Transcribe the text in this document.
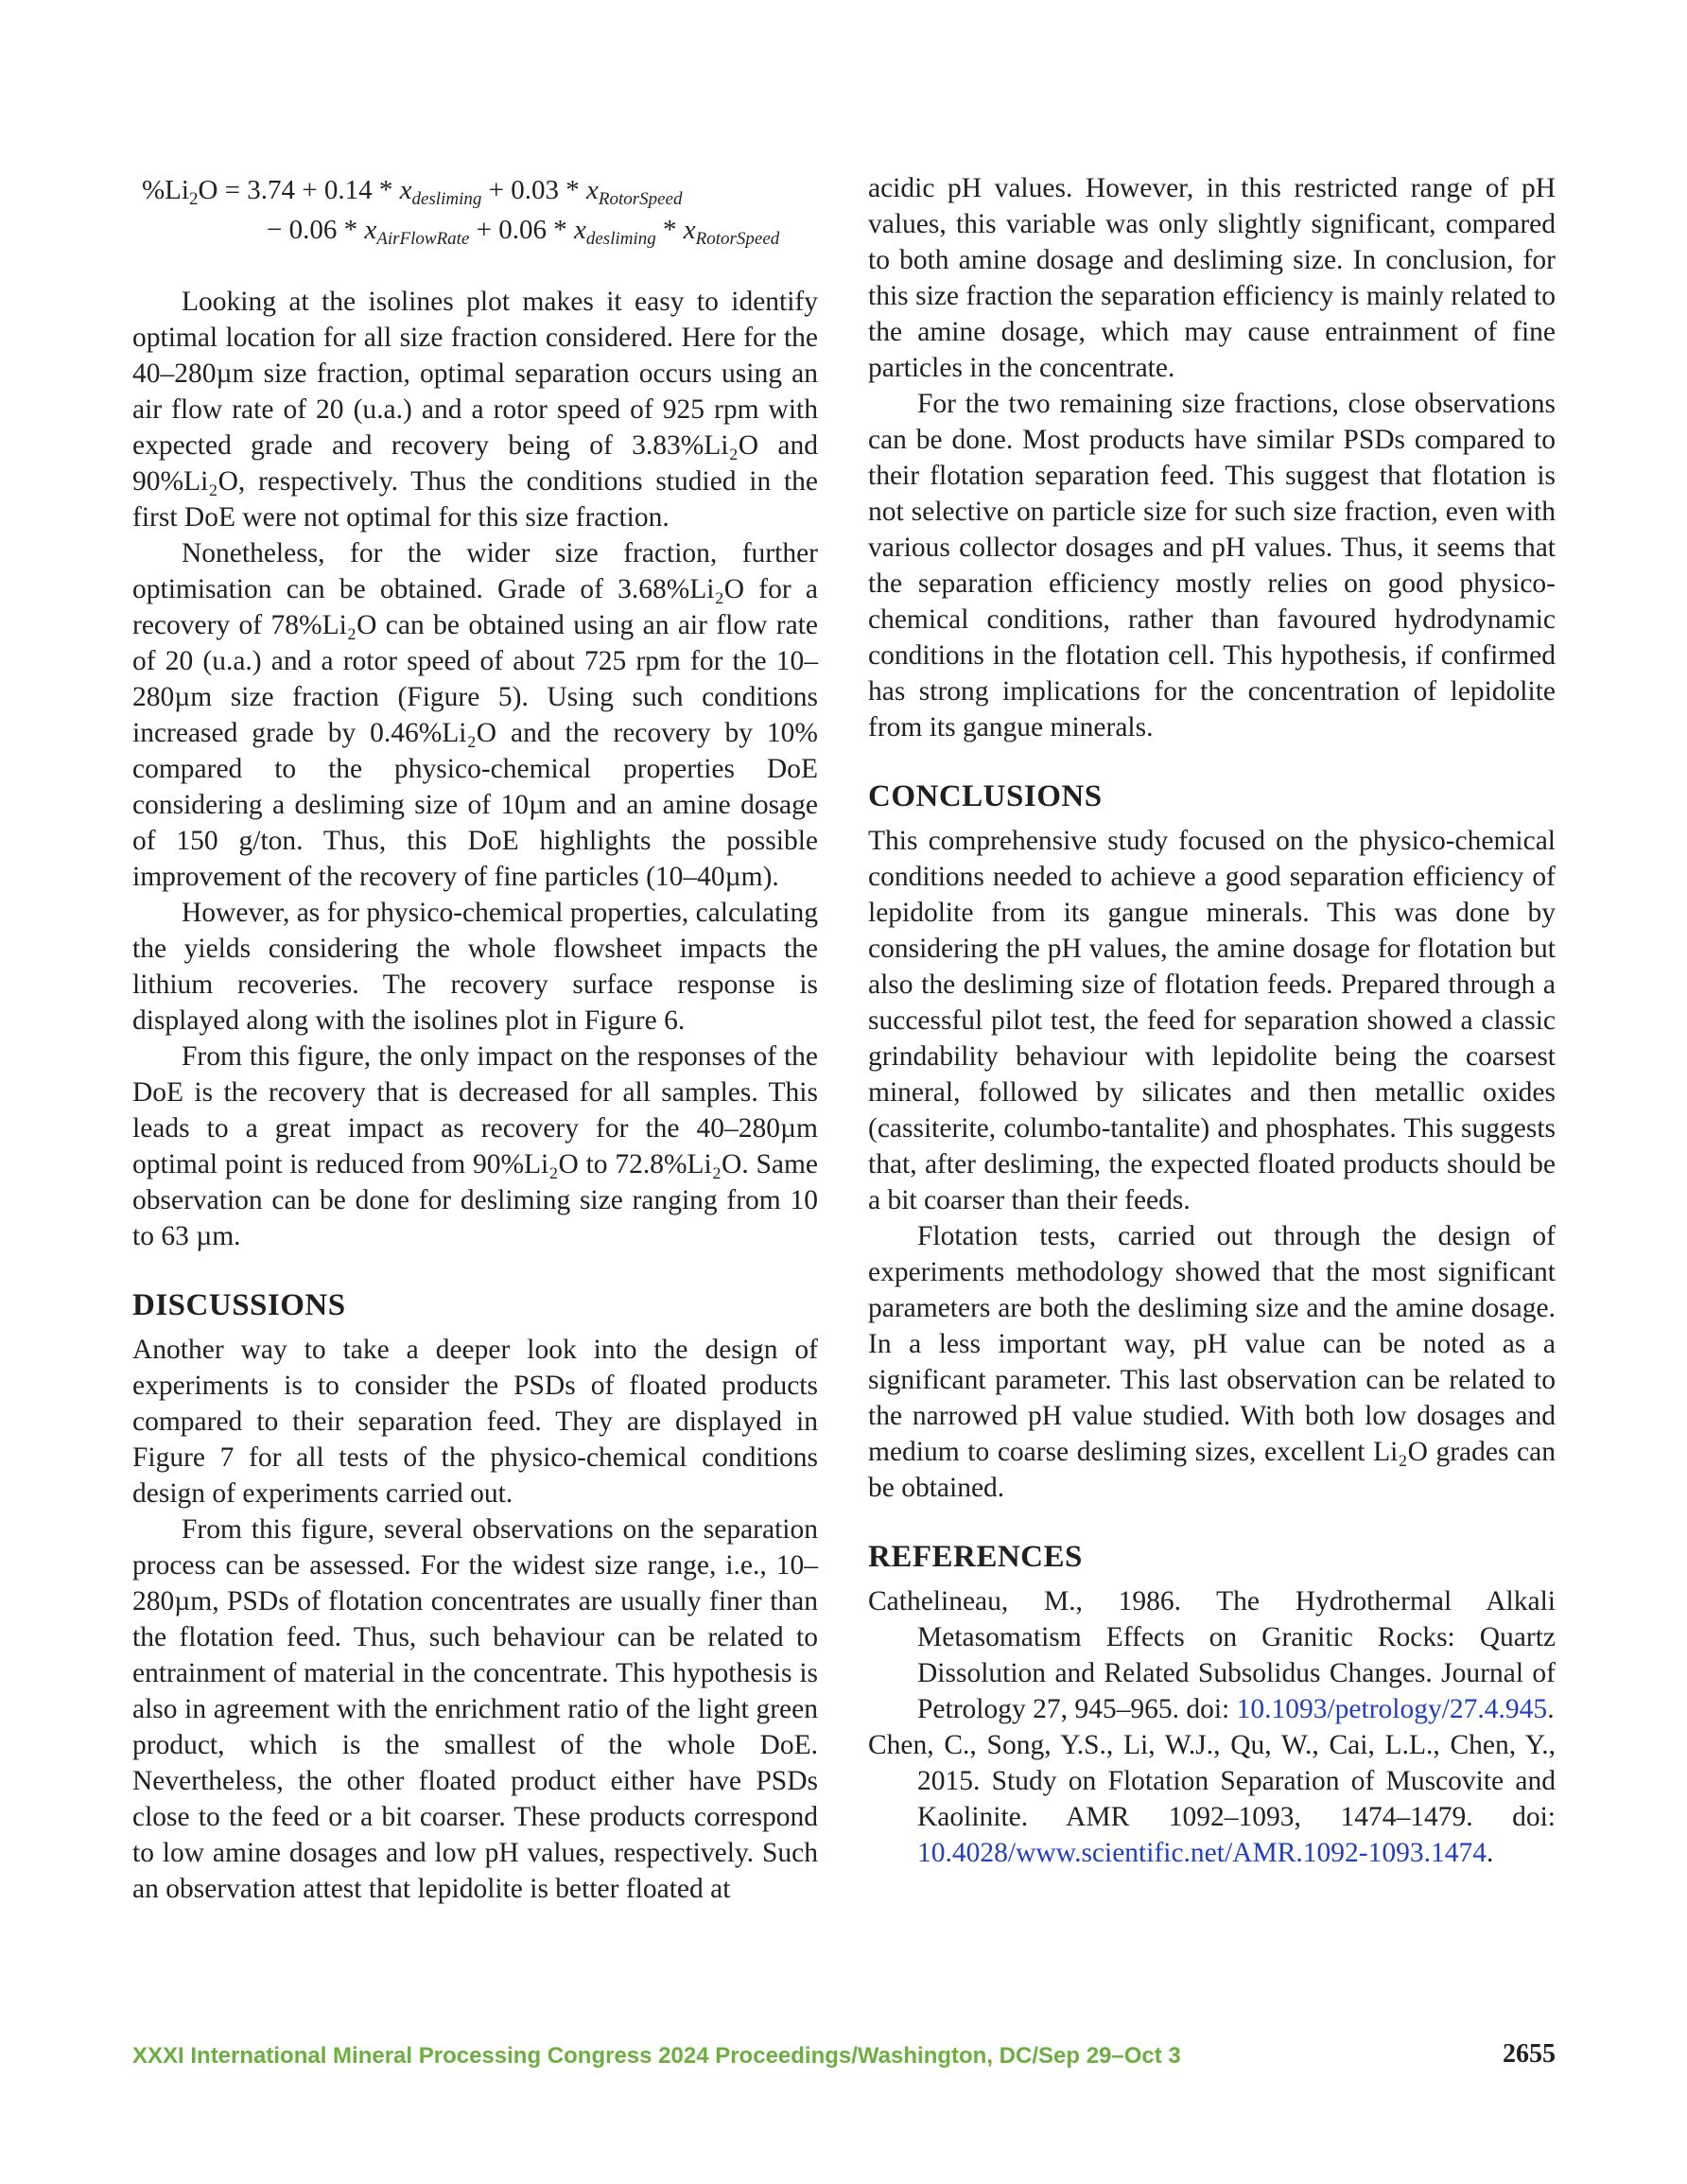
$\%Li_2O = 3.74 + 0.14 * x_{desliming} + 0.03 * x_{RotorSpeed}$
− $0.06 * x_{AirFlowRate} + 0.06 * x_{desliming} * x_{RotorSpeed}$

Looking at the isolines plot makes it easy to identify optimal location for all size fraction considered. Here for the 40–280µm size fraction, optimal separation occurs using an air flow rate of 20 (u.a.) and a rotor speed of 925 rpm with expected grade and recovery being of 3.83%Li₂O and 90%Li₂O, respectively. Thus the conditions studied in the first DoE were not optimal for this size fraction.

Nonetheless, for the wider size fraction, further optimisation can be obtained. Grade of 3.68%Li₂O for a recovery of 78%Li₂O can be obtained using an air flow rate of 20 (u.a.) and a rotor speed of about 725 rpm for the 10–280µm size fraction (Figure 5). Using such conditions increased grade by 0.46%Li₂O and the recovery by 10% compared to the physico-chemical properties DoE considering a desliming size of 10µm and an amine dosage of 150 g/ton. Thus, this DoE highlights the possible improvement of the recovery of fine particles (10–40µm).

However, as for physico-chemical properties, calculating the yields considering the whole flowsheet impacts the lithium recoveries. The recovery surface response is displayed along with the isolines plot in Figure 6.

From this figure, the only impact on the responses of the DoE is the recovery that is decreased for all samples. This leads to a great impact as recovery for the 40–280µm optimal point is reduced from 90%Li₂O to 72.8%Li₂O. Same observation can be done for desliming size ranging from 10 to 63 µm.

DISCUSSIONS

Another way to take a deeper look into the design of experiments is to consider the PSDs of floated products compared to their separation feed. They are displayed in Figure 7 for all tests of the physico-chemical conditions design of experiments carried out.

From this figure, several observations on the separation process can be assessed. For the widest size range, i.e., 10–280µm, PSDs of flotation concentrates are usually finer than the flotation feed. Thus, such behaviour can be related to entrainment of material in the concentrate. This hypothesis is also in agreement with the enrichment ratio of the light green product, which is the smallest of the whole DoE. Nevertheless, the other floated product either have PSDs close to the feed or a bit coarser. These products correspond to low amine dosages and low pH values, respectively. Such an observation attest that lepidolite is better floated at

acidic pH values. However, in this restricted range of pH values, this variable was only slightly significant, compared to both amine dosage and desliming size. In conclusion, for this size fraction the separation efficiency is mainly related to the amine dosage, which may cause entrainment of fine particles in the concentrate.

For the two remaining size fractions, close observations can be done. Most products have similar PSDs compared to their flotation separation feed. This suggest that flotation is not selective on particle size for such size fraction, even with various collector dosages and pH values. Thus, it seems that the separation efficiency mostly relies on good physico-chemical conditions, rather than favoured hydrodynamic conditions in the flotation cell. This hypothesis, if confirmed has strong implications for the concentration of lepidolite from its gangue minerals.

CONCLUSIONS

This comprehensive study focused on the physico-chemical conditions needed to achieve a good separation efficiency of lepidolite from its gangue minerals. This was done by considering the pH values, the amine dosage for flotation but also the desliming size of flotation feeds. Prepared through a successful pilot test, the feed for separation showed a classic grindability behaviour with lepidolite being the coarsest mineral, followed by silicates and then metallic oxides (cassiterite, columbo-tantalite) and phosphates. This suggests that, after desliming, the expected floated products should be a bit coarser than their feeds.

Flotation tests, carried out through the design of experiments methodology showed that the most significant parameters are both the desliming size and the amine dosage. In a less important way, pH value can be noted as a significant parameter. This last observation can be related to the narrowed pH value studied. With both low dosages and medium to coarse desliming sizes, excellent Li₂O grades can be obtained.

REFERENCES

Cathelineau, M., 1986. The Hydrothermal Alkali Metasomatism Effects on Granitic Rocks: Quartz Dissolution and Related Subsolidus Changes. Journal of Petrology 27, 945–965. doi: 10.1093/petrology/27.4.945.

Chen, C., Song, Y.S., Li, W.J., Qu, W., Cai, L.L., Chen, Y., 2015. Study on Flotation Separation of Muscovite and Kaolinite. AMR 1092–1093, 1474–1479. doi: 10.4028/www.scientific.net/AMR.1092-1093.1474.

XXXI International Mineral Processing Congress 2024 Proceedings/Washington, DC/Sep 29–Oct 3	2655
